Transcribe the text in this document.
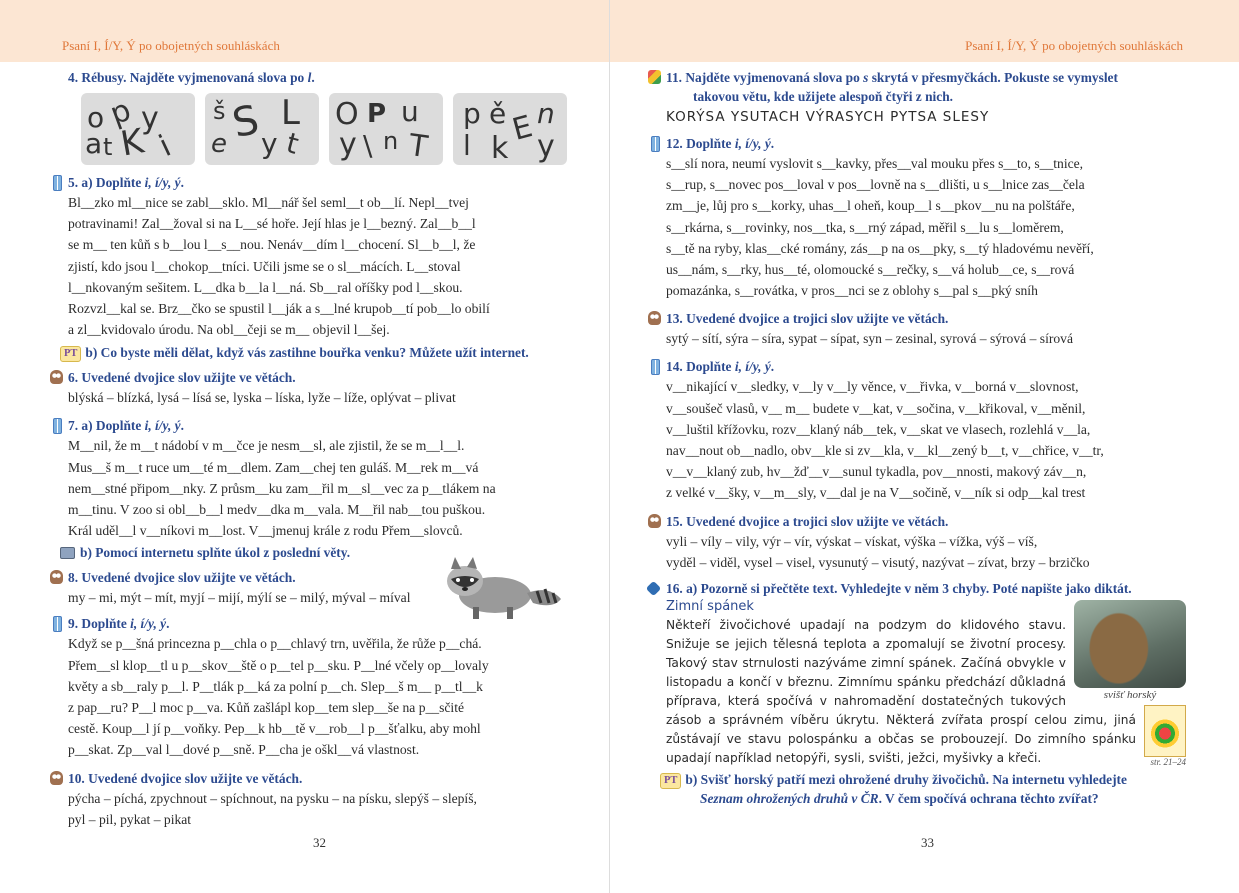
Psaní I, Í/Y, Ý po obojetných souhláskách
4. Rébusy. Najděte vyjmenovaná slova po l.
o p y
a t K i
š S L
e y t
O P u
y \ n T
p ě n
E
l k y
5. a) Doplňte i, í/y, ý.
Bl__zko ml__nice se zabl__sklo. Ml__nář šel seml__t ob__lí. Nepl__tvej
potravinami! Zal__žoval si na L__sé hoře. Její hlas je l__bezný. Zal__b__l
se m__ ten kůň s b__lou l__s__nou. Nenáv__dím l__chocení. Sl__b__l, že
zjistí, kdo jsou l__chokop__tníci. Učili jsme se o sl__mácích. L__stoval
l__nkovaným sešitem. L__dka b__la l__ná. Sb__ral oříšky pod l__skou.
Rozvzl__kal se. Brz__čko se spustil l__ják a s__lné krupob__tí pob__lo obilí
a zl__kvidovalo úrodu. Na obl__čeji se m__ objevil l__šej.
PT b) Co byste měli dělat, když vás zastihne bouřka venku? Můžete užít internet.
6. Uvedené dvojice slov užijte ve větách.
blýská – blízká, lysá – lísá se, lyska – líska, lyže – líže, oplývat – plivat
7. a) Doplňte i, í/y, ý.
M__nil, že m__t nádobí v m__čce je nesm__sl, ale zjistil, že se m__l__l.
Mus__š m__t ruce um__té m__dlem. Zam__chej ten guláš. M__rek m__vá
nem__stné připom__nky. Z průsm__ku zam__řil m__sl__vec za p__tlákem na
m__tinu. V zoo si obl__b__l medv__dka m__vala. M__řil nab__tou puškou.
Král uděl__l v__níkovi m__lost. V__jmenuj krále z rodu Přem__slovců.
b) Pomocí internetu splňte úkol z poslední věty.
8. Uvedené dvojice slov užijte ve větách.
my – mi, mýt – mít, myjí – mijí, mýlí se – milý, mýval – míval
9. Doplňte i, í/y, ý.
Když se p__šná princezna p__chla o p__chlavý trn, uvěřila, že růže p__chá.
Přem__sl klop__tl u p__skov__ště o p__tel p__sku. P__lné včely op__lovaly
květy a sb__raly p__l. P__tlák p__ká za polní p__ch. Slep__š m__ p__tl__k
z pap__ru? P__l moc p__va. Kůň zašlápl kop__tem slep__še na p__sčité
cestě. Koup__l jí p__voňky. Pep__k hb__tě v__rob__l p__šťalku, aby mohl
p__skat. Zp__val l__dové p__sně. P__cha je oškl__vá vlastnost.
10. Uvedené dvojice slov užijte ve větách.
pýcha – píchá, zpychnout – spíchnout, na pysku – na písku, slepýš – slepíš,
pyl – pil, pykat – pikat
32
Psaní I, Í/Y, Ý po obojetných souhláskách
11. Najděte vyjmenovaná slova po s skrytá v přesmyčkách. Pokuste se vymyslet
takovou větu, kde užijete alespoň čtyři z nich.
KORÝSA YSUTACH VÝRASYCH PYTSA SLESY
12. Doplňte i, í/y, ý.
s__slí nora, neumí vyslovit s__kavky, přes__val mouku přes s__to, s__tnice,
s__rup, s__novec pos__loval v pos__lovně na s__dlišti, u s__lnice zas__čela
zm__je, lůj pro s__korky, uhas__l oheň, koup__l s__pkov__nu na polštáře,
s__rkárna, s__rovinky, nos__tka, s__rný západ, měřil s__lu s__loměrem,
s__tě na ryby, klas__cké romány, zás__p na os__pky, s__tý hladovému nevěří,
us__nám, s__rky, hus__té, olomoucké s__rečky, s__vá holub__ce, s__rová
pomazánka, s__rovátka, v pros__nci se z oblohy s__pal s__pký sníh
13. Uvedené dvojice a trojici slov užijte ve větách.
sytý – sítí, sýra – síra, sypat – sípat, syn – zesinal, syrová – sýrová – sírová
14. Doplňte i, í/y, ý.
v__nikající v__sledky, v__ly v__ly věnce, v__řivka, v__borná v__slovnost,
v__soušeč vlasů, v__ m__ budete v__kat, v__sočina, v__křikoval, v__měnil,
v__luštil křížovku, rozv__klaný náb__tek, v__skat ve vlasech, rozlehlá v__la,
nav__nout ob__nadlo, obv__kle si zv__kla, v__kl__zený b__t, v__chřice, v__tr,
v__v__klaný zub, hv__žď__v__sunul tykadla, pov__nnosti, makový záv__n,
z velké v__šky, v__m__sly, v__dal je na V__sočině, v__ník si odp__kal trest
15. Uvedené dvojice a trojici slov užijte ve větách.
vyli – víly – vily, výr – vír, výskat – vískat, výška – vížka, výš – víš,
vyděl – viděl, vysel – visel, vysunutý – visutý, nazývat – zívat, brzy – brzičko
16. a) Pozorně si přečtěte text. Vyhledejte v něm 3 chyby. Poté napište jako diktát.
svišť horský
str. 21–24
Zimní spánek
Někteří živočichové upadají na podzym do klidového stavu. Snižuje se jejich tělesná teplota a zpomalují se životní procesy. Takový stav strnulosti nazýváme zimní spánek. Začíná obvykle v listopadu a končí v březnu. Zimnímu spánku předchází důkladná příprava, která spočívá v nahromadění dostatečných tukových zásob a správném víběru úkrytu. Některá zvířata prospí celou zimu, jiná zůstávají ve stavu polospánku a občas se probouzejí. Do zimního spánku upadají například netopýři, sysli, svišti, ježci, myšivky a křeči.
PT b) Svišť horský patří mezi ohrožené druhy živočichů. Na internetu vyhledejte
Seznam ohrožených druhů v ČR. V čem spočívá ochrana těchto zvířat?
33
